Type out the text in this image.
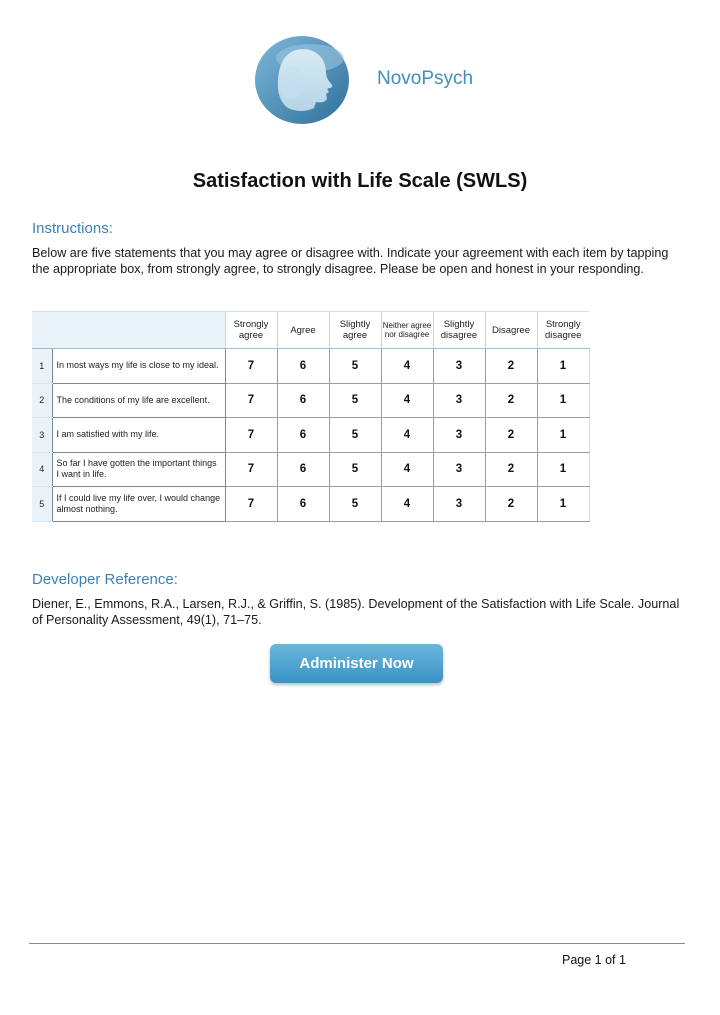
NovoPsych
Satisfaction with Life Scale (SWLS)
Instructions:
Below are five statements that you may agree or disagree with. Indicate your agreement with each item by tapping the appropriate box, from strongly agree, to strongly disagree. Please be open and honest in your responding.
		Strongly agree	Agree	Slightly agree	Neither agree nor disagree	Slightly disagree	Disagree	Strongly disagree
1	In most ways my life is close to my ideal.	7	6	5	4	3	2	1
2	The conditions of my life are excellent.	7	6	5	4	3	2	1
3	I am satisfied with my life.	7	6	5	4	3	2	1
4	So far I have gotten the important things I want in life.	7	6	5	4	3	2	1
5	If I could live my life over, I would change almost nothing.	7	6	5	4	3	2	1
Developer Reference:
Diener, E., Emmons, R.A., Larsen, R.J., & Griffin, S. (1985). Development of the Satisfaction with Life Scale. Journal of Personality Assessment, 49(1), 71–75.
Administer Now
Page 1 of 1
